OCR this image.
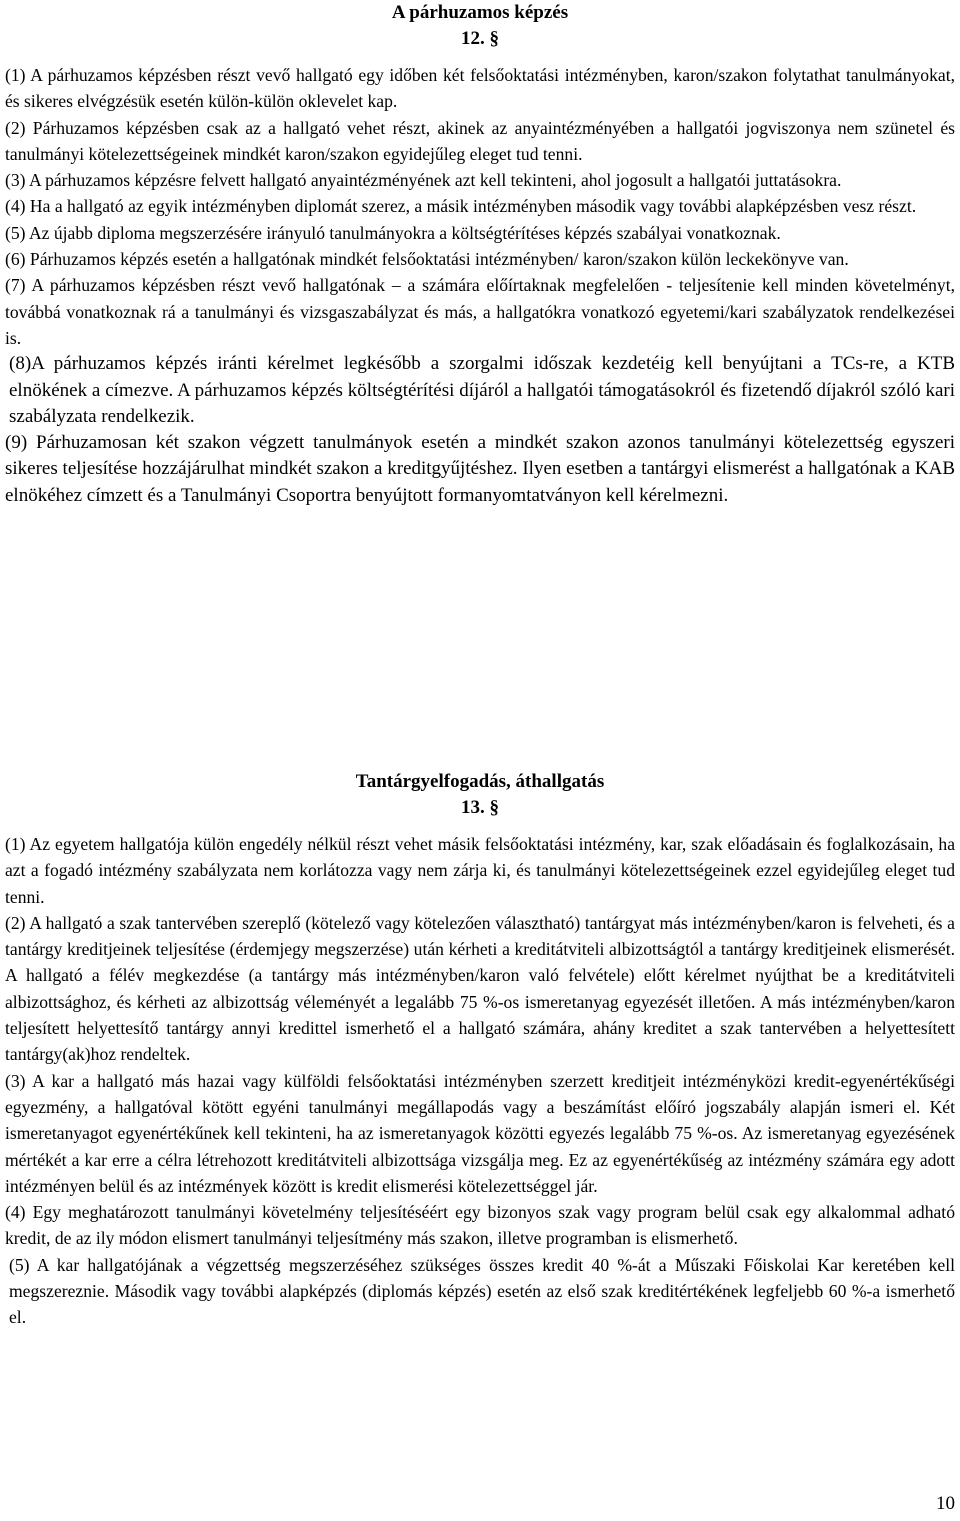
A párhuzamos képzés

12. §

(1) A párhuzamos képzésben részt vevő hallgató egy időben két felsőoktatási intézményben, karon/szakon folytathat tanulmányokat, és sikeres elvégzésük esetén külön-külön oklevelet kap.

(2) Párhuzamos képzésben csak az a hallgató vehet részt, akinek az anyaintézményében a hallgatói jogviszonya nem szünetel és tanulmányi kötelezettségeinek mindkét karon/szakon egyidejűleg eleget tud tenni.

(3) A párhuzamos képzésre felvett hallgató anyaintézményének azt kell tekinteni, ahol jogosult a hallgatói juttatásokra.

(4) Ha a hallgató az egyik intézményben diplomát szerez, a másik intézményben második vagy további alapképzésben vesz részt.

(5) Az újabb diploma megszerzésére irányuló tanulmányokra a költségtérítéses képzés szabályai vonatkoznak.

(6) Párhuzamos képzés esetén a hallgatónak mindkét felsőoktatási intézményben/ karon/szakon külön leckekönyve van.

(7) A párhuzamos képzésben részt vevő hallgatónak – a számára előírtaknak megfelelően - teljesítenie kell minden követelményt, továbbá vonatkoznak rá a tanulmányi és vizsgaszabályzat és más, a hallgatókra vonatkozó egyetemi/kari szabályzatok rendelkezései is.

(8)A párhuzamos képzés iránti kérelmet legkésőbb a szorgalmi időszak kezdetéig kell benyújtani a TCs-re, a KTB elnökének a címezve. A párhuzamos képzés költségtérítési díjáról a hallgatói támogatásokról és fizetendő díjakról szóló kari szabályzata rendelkezik.

(9) Párhuzamosan két szakon végzett tanulmányok esetén a mindkét szakon azonos tanulmányi kötelezettség egyszeri sikeres teljesítése hozzájárulhat mindkét szakon a kreditgyűjtéshez. Ilyen esetben a tantárgyi elismerést a hallgatónak a KAB elnökéhez címzett és a Tanulmányi Csoportra benyújtott formanyomtatványon kell kérelmezni.

Tantárgyelfogadás, áthallgatás

13. §

(1) Az egyetem hallgatója külön engedély nélkül részt vehet másik felsőoktatási intézmény, kar, szak előadásain és foglalkozásain, ha azt a fogadó intézmény szabályzata nem korlátozza vagy nem zárja ki, és tanulmányi kötelezettségeinek ezzel egyidejűleg eleget tud tenni.

(2) A hallgató a szak tantervében szereplő (kötelező vagy kötelezően választható) tantárgyat más intézményben/karon is felveheti, és a tantárgy kreditjeinek teljesítése (érdemjegy megszerzése) után kérheti a kreditátviteli albizottságtól a tantárgy kreditjeinek elismerését. A hallgató a félév megkezdése (a tantárgy más intézményben/karon való felvétele) előtt kérelmet nyújthat be a kreditátviteli albizottsághoz, és kérheti az albizottság véleményét a legalább 75 %-os ismeretanyag egyezését illetően. A más intézményben/karon teljesített helyettesítő tantárgy annyi kredittel ismerhető el a hallgató számára, ahány kreditet a szak tantervében a helyettesített tantárgy(ak)hoz rendeltek.

(3) A kar a hallgató más hazai vagy külföldi felsőoktatási intézményben szerzett kreditjeit intézményközi kredit-egyenértékűségi egyezmény, a hallgatóval kötött egyéni tanulmányi megállapodás vagy a beszámítást előíró jogszabály alapján ismeri el. Két ismeretanyagot egyenértékűnek kell tekinteni, ha az ismeretanyagok közötti egyezés legalább 75 %-os. Az ismeretanyag egyezésének mértékét a kar erre a célra létrehozott kreditátviteli albizottsága vizsgálja meg. Ez az egyenértékűség az intézmény számára egy adott intézményen belül és az intézmények között is kredit elismerési kötelezettséggel jár.

(4) Egy meghatározott tanulmányi követelmény teljesítéséért egy bizonyos szak vagy program belül csak egy alkalommal adható kredit, de az ily módon elismert tanulmányi teljesítmény más szakon, illetve programban is elismerhető.

(5) A kar hallgatójának a végzettség megszerzéséhez szükséges összes kredit 40 %-át a Műszaki Főiskolai Kar keretében kell megszereznie. Második vagy további alapképzés (diplomás képzés) esetén az első szak kreditértékének legfeljebb 60 %-a ismerhető el.

10
